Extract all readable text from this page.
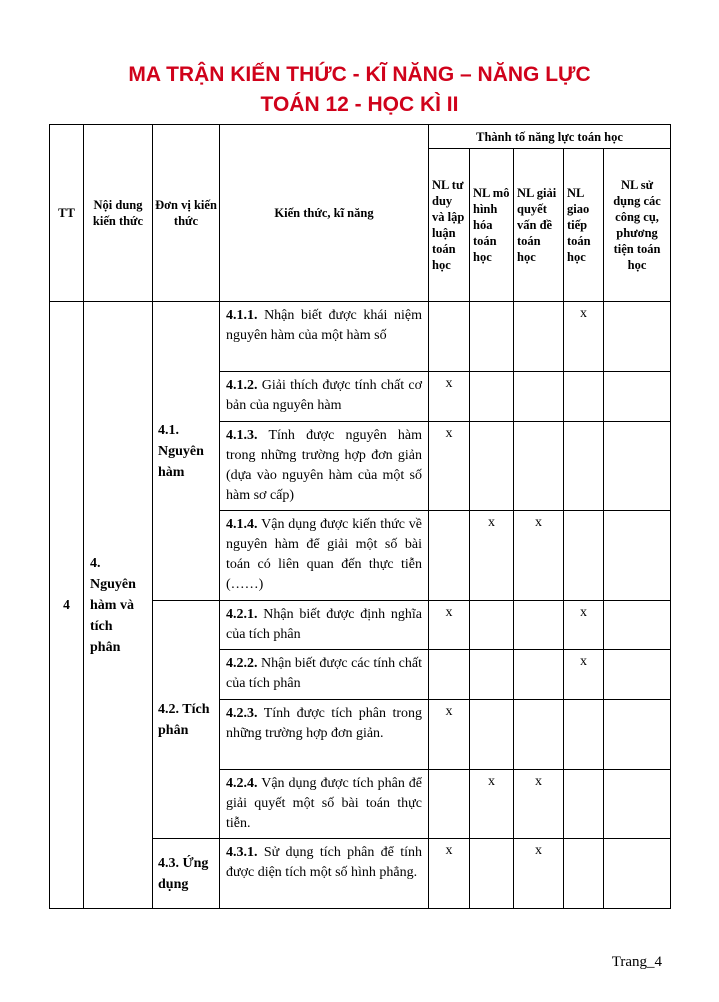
MA TRẬN KIẾN THỨC - KĨ NĂNG – NĂNG LỰC
TOÁN 12 - HỌC KÌ II
TT	Nội dung kiến thức	Đơn vị kiến thức	Kiến thức, kĩ năng	Thành tố năng lực toán học				
				NL tư duy và lập luận toán học	NL mô hình hóa toán học	NL giải quyết vấn đề toán học	NL giao tiếp toán học	NL sử dụng các công cụ, phương tiện toán học
4	4. Nguyên hàm và tích phân	4.1. Nguyên hàm	4.1.1. Nhận biết được khái niệm nguyên hàm của một hàm số				x	
			4.1.2. Giải thích được tính chất cơ bản của nguyên hàm	x				
			4.1.3. Tính được nguyên hàm trong những trường hợp đơn giản (dựa vào nguyên hàm của một số hàm sơ cấp)	x				
			4.1.4. Vận dụng được kiến thức về nguyên hàm để giải một số bài toán có liên quan đến thực tiễn (……)		x	x		
		4.2. Tích phân	4.2.1. Nhận biết được định nghĩa của tích phân	x			x	
			4.2.2. Nhận biết được các tính chất của tích phân				x	
			4.2.3. Tính được tích phân trong những trường hợp đơn giản.	x				
			4.2.4. Vận dụng được tích phân để giải quyết một số bài toán thực tiễn.		x	x		
		4.3. Ứng dụng	4.3.1. Sử dụng tích phân để tính được diện tích một số hình phẳng.	x		x		
Trang_4
